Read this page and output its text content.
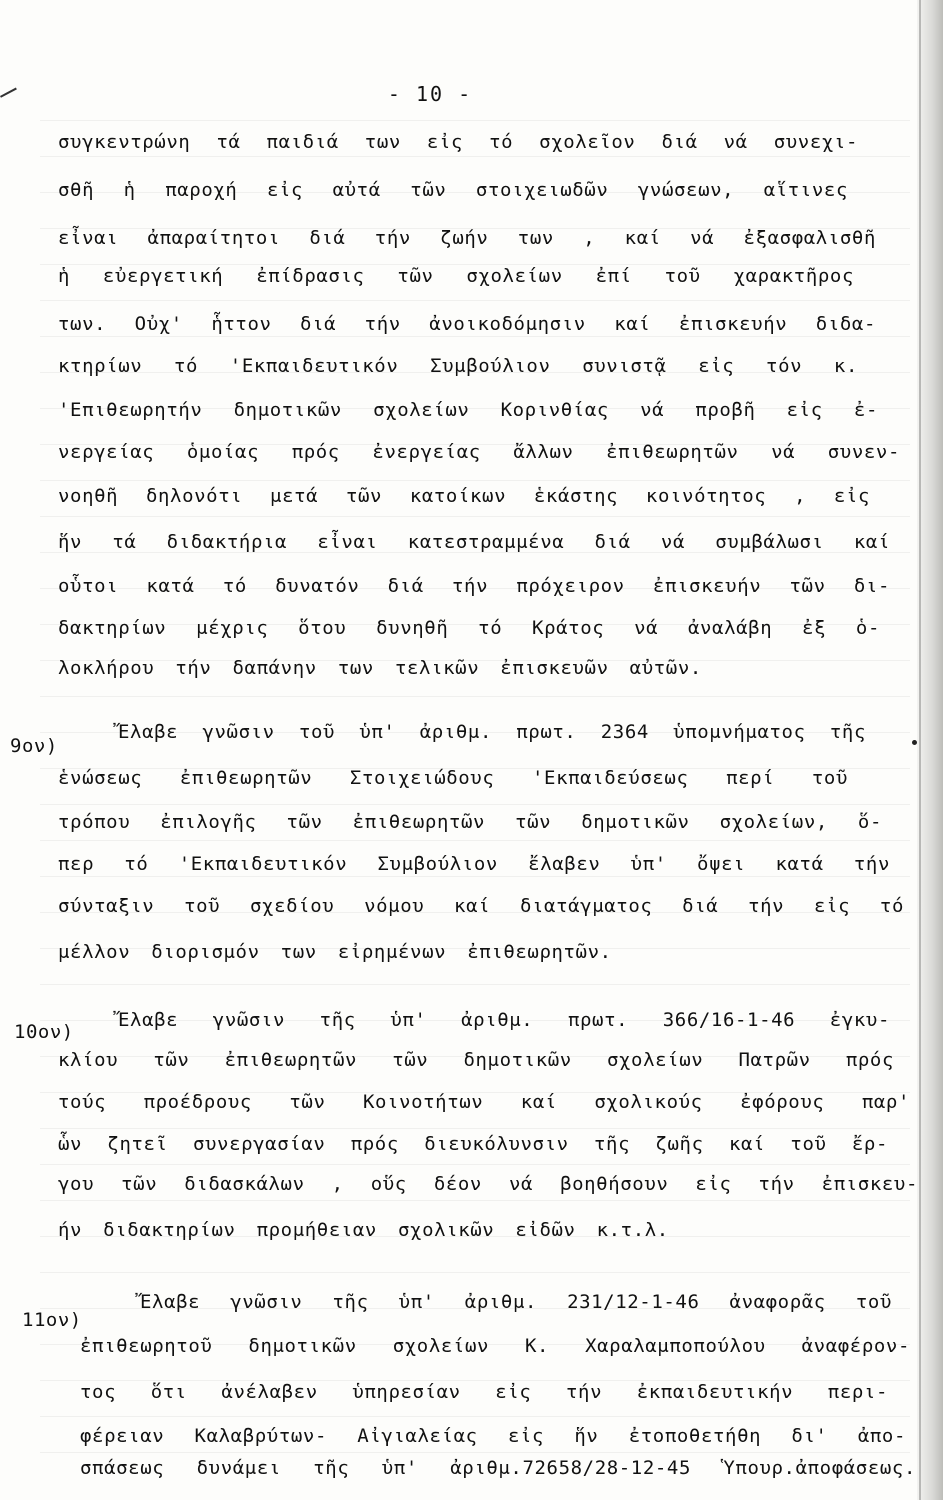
- 10 -
συγκεντρώνη τά παιδιά των εἰς τό σχολεῖον διά νά συνεχι-
σθῆ ἡ παροχή εἰς αὐτά τῶν στοιχειωδῶν γνώσεων, αἵτινες
εἶναι ἀπαραίτητοι διά τήν ζωήν των , καί νά ἐξασφαλισθῆ
ἡ εὐεργετική ἐπίδρασις τῶν σχολείων ἐπί τοῦ χαρακτῆρος
των. Οὐχ' ἧττον διά τήν ἀνοικοδόμησιν καί ἐπισκευήν διδα-
κτηρίων τό 'Εκπαιδευτικόν Συμβούλιον συνιστᾷ εἰς τόν κ.
'Επιθεωρητήν δημοτικῶν σχολείων Κορινθίας νά προβῆ εἰς ἐ-
νεργείας ὁμοίας πρός ἐνεργείας ἄλλων ἐπιθεωρητῶν νά συνεν-
νοηθῆ δηλονότι μετά τῶν κατοίκων ἑκάστης κοινότητος , εἰς
ἥν τά διδακτήρια εἶναι κατεστραμμένα διά νά συμβάλωσι καί
οὗτοι κατά τό δυνατόν διά τήν πρόχειρον ἐπισκευήν τῶν δι-
δακτηρίων μέχρις ὅτου δυνηθῆ τό Κράτος νά ἀναλάβη ἐξ ὁ-
λοκλήρου τήν δαπάνην των τελικῶν ἐπισκευῶν αὐτῶν.
9ον)
Ἔλαβε γνῶσιν τοῦ ὑπ' ἀριθμ. πρωτ. 2364 ὑπομνήματος τῆς
ἑνώσεως ἐπιθεωρητῶν Στοιχειώδους 'Εκπαιδεύσεως περί τοῦ
τρόπου ἐπιλογῆς τῶν ἐπιθεωρητῶν τῶν δημοτικῶν σχολείων, ὅ-
περ τό 'Εκπαιδευτικόν Συμβούλιον ἔλαβεν ὑπ' ὄψει κατά τήν
σύνταξιν τοῦ σχεδίου νόμου καί διατάγματος διά τήν εἰς τό
μέλλον διορισμόν των εἰρημένων ἐπιθεωρητῶν.
10ον)
Ἔλαβε γνῶσιν τῆς ὑπ' ἀριθμ. πρωτ. 366/16-1-46 ἐγκυ-
κλίου τῶν ἐπιθεωρητῶν τῶν δημοτικῶν σχολείων Πατρῶν πρός
τούς προέδρους τῶν Κοινοτήτων καί σχολικούς ἐφόρους παρ'
ὧν ζητεῖ συνεργασίαν πρός διευκόλυνσιν τῆς ζωῆς καί τοῦ ἔρ-
γου τῶν διδασκάλων , οὕς δέον νά βοηθήσουν εἰς τήν ἐπισκευ-
ήν διδακτηρίων προμήθειαν σχολικῶν εἰδῶν κ.τ.λ.
11ον)
Ἔλαβε γνῶσιν τῆς ὑπ' ἀριθμ. 231/12-1-46 ἀναφορᾶς τοῦ
ἐπιθεωρητοῦ δημοτικῶν σχολείων Κ. Χαραλαμποπούλου ἀναφέρον-
τος ὅτι ἀνέλαβεν ὑπηρεσίαν εἰς τήν ἐκπαιδευτικήν περι-
φέρειαν Καλαβρύτων- Αἰγιαλείας εἰς ἥν ἐτοποθετήθη δι' ἀπο-
σπάσεως δυνάμει τῆς ὑπ' ἀριθμ.72658/28-12-45 Ὑπουρ.ἀποφάσεως.
